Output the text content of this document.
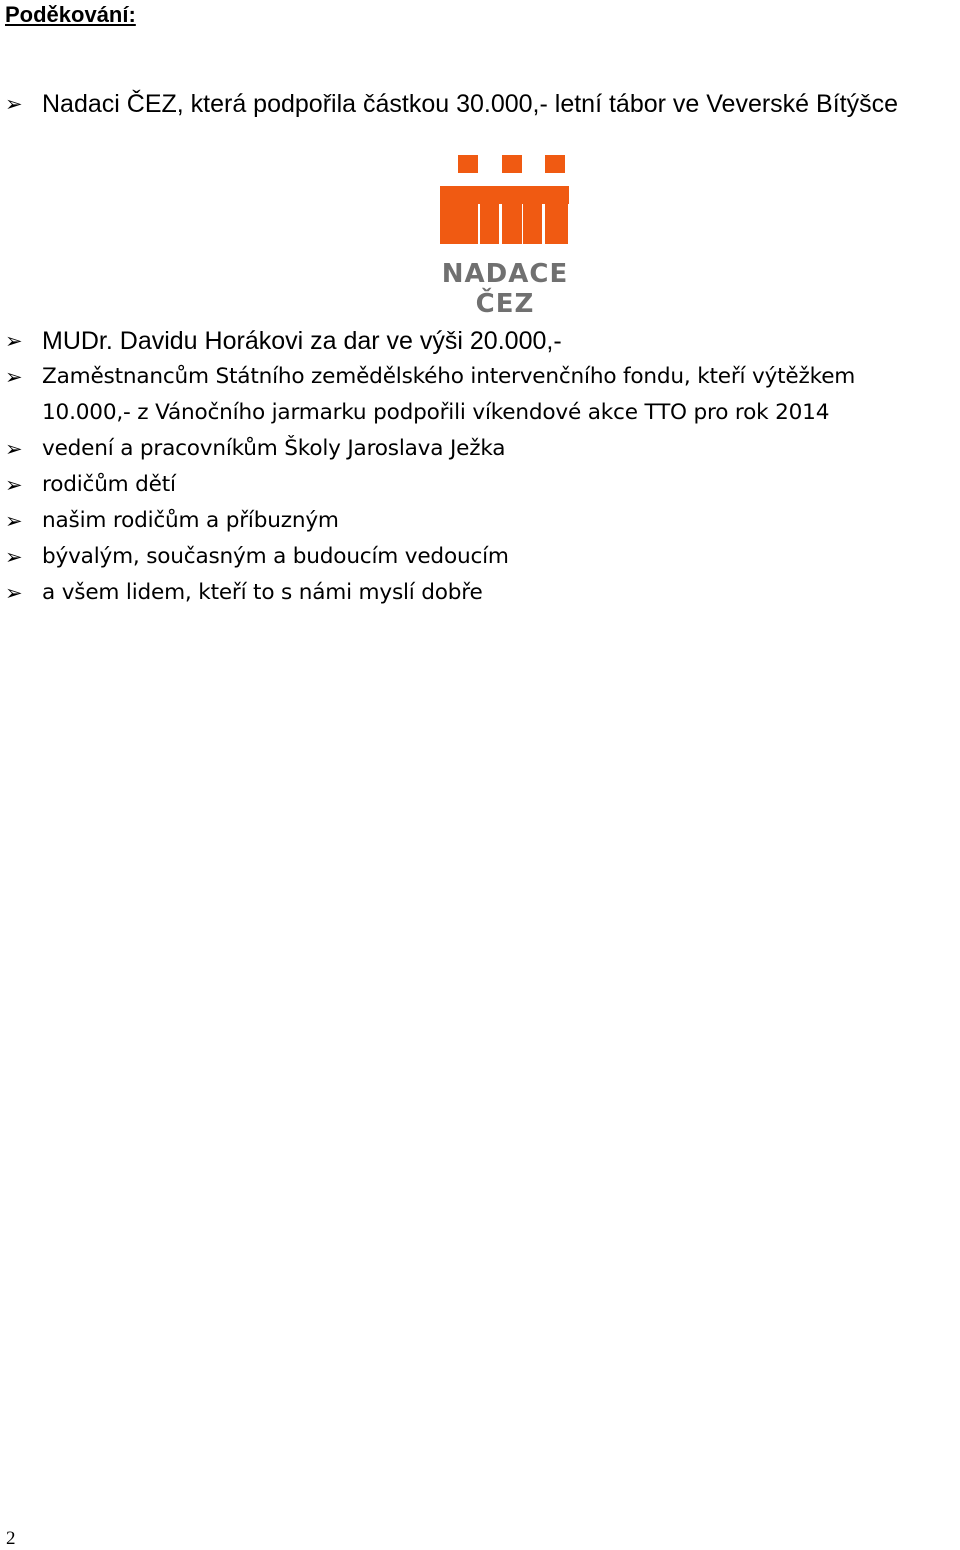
Poděkování:
➢ Nadaci ČEZ, která podpořila částkou 30.000,- letní tábor ve Veverské Bítýšce
NADACE ČEZ
➢ MUDr. Davidu Horákovi za dar ve výši 20.000,-
➢ Zaměstnancům Státního zemědělského intervenčního fondu, kteří výtěžkem
10.000,- z Vánočního jarmarku podpořili víkendové akce TTO pro rok 2014
➢ vedení a pracovníkům Školy Jaroslava Ježka
➢ rodičům dětí
➢ našim rodičům a příbuzným
➢ bývalým, současným a budoucím vedoucím
➢ a všem lidem, kteří to s námi myslí dobře
2
